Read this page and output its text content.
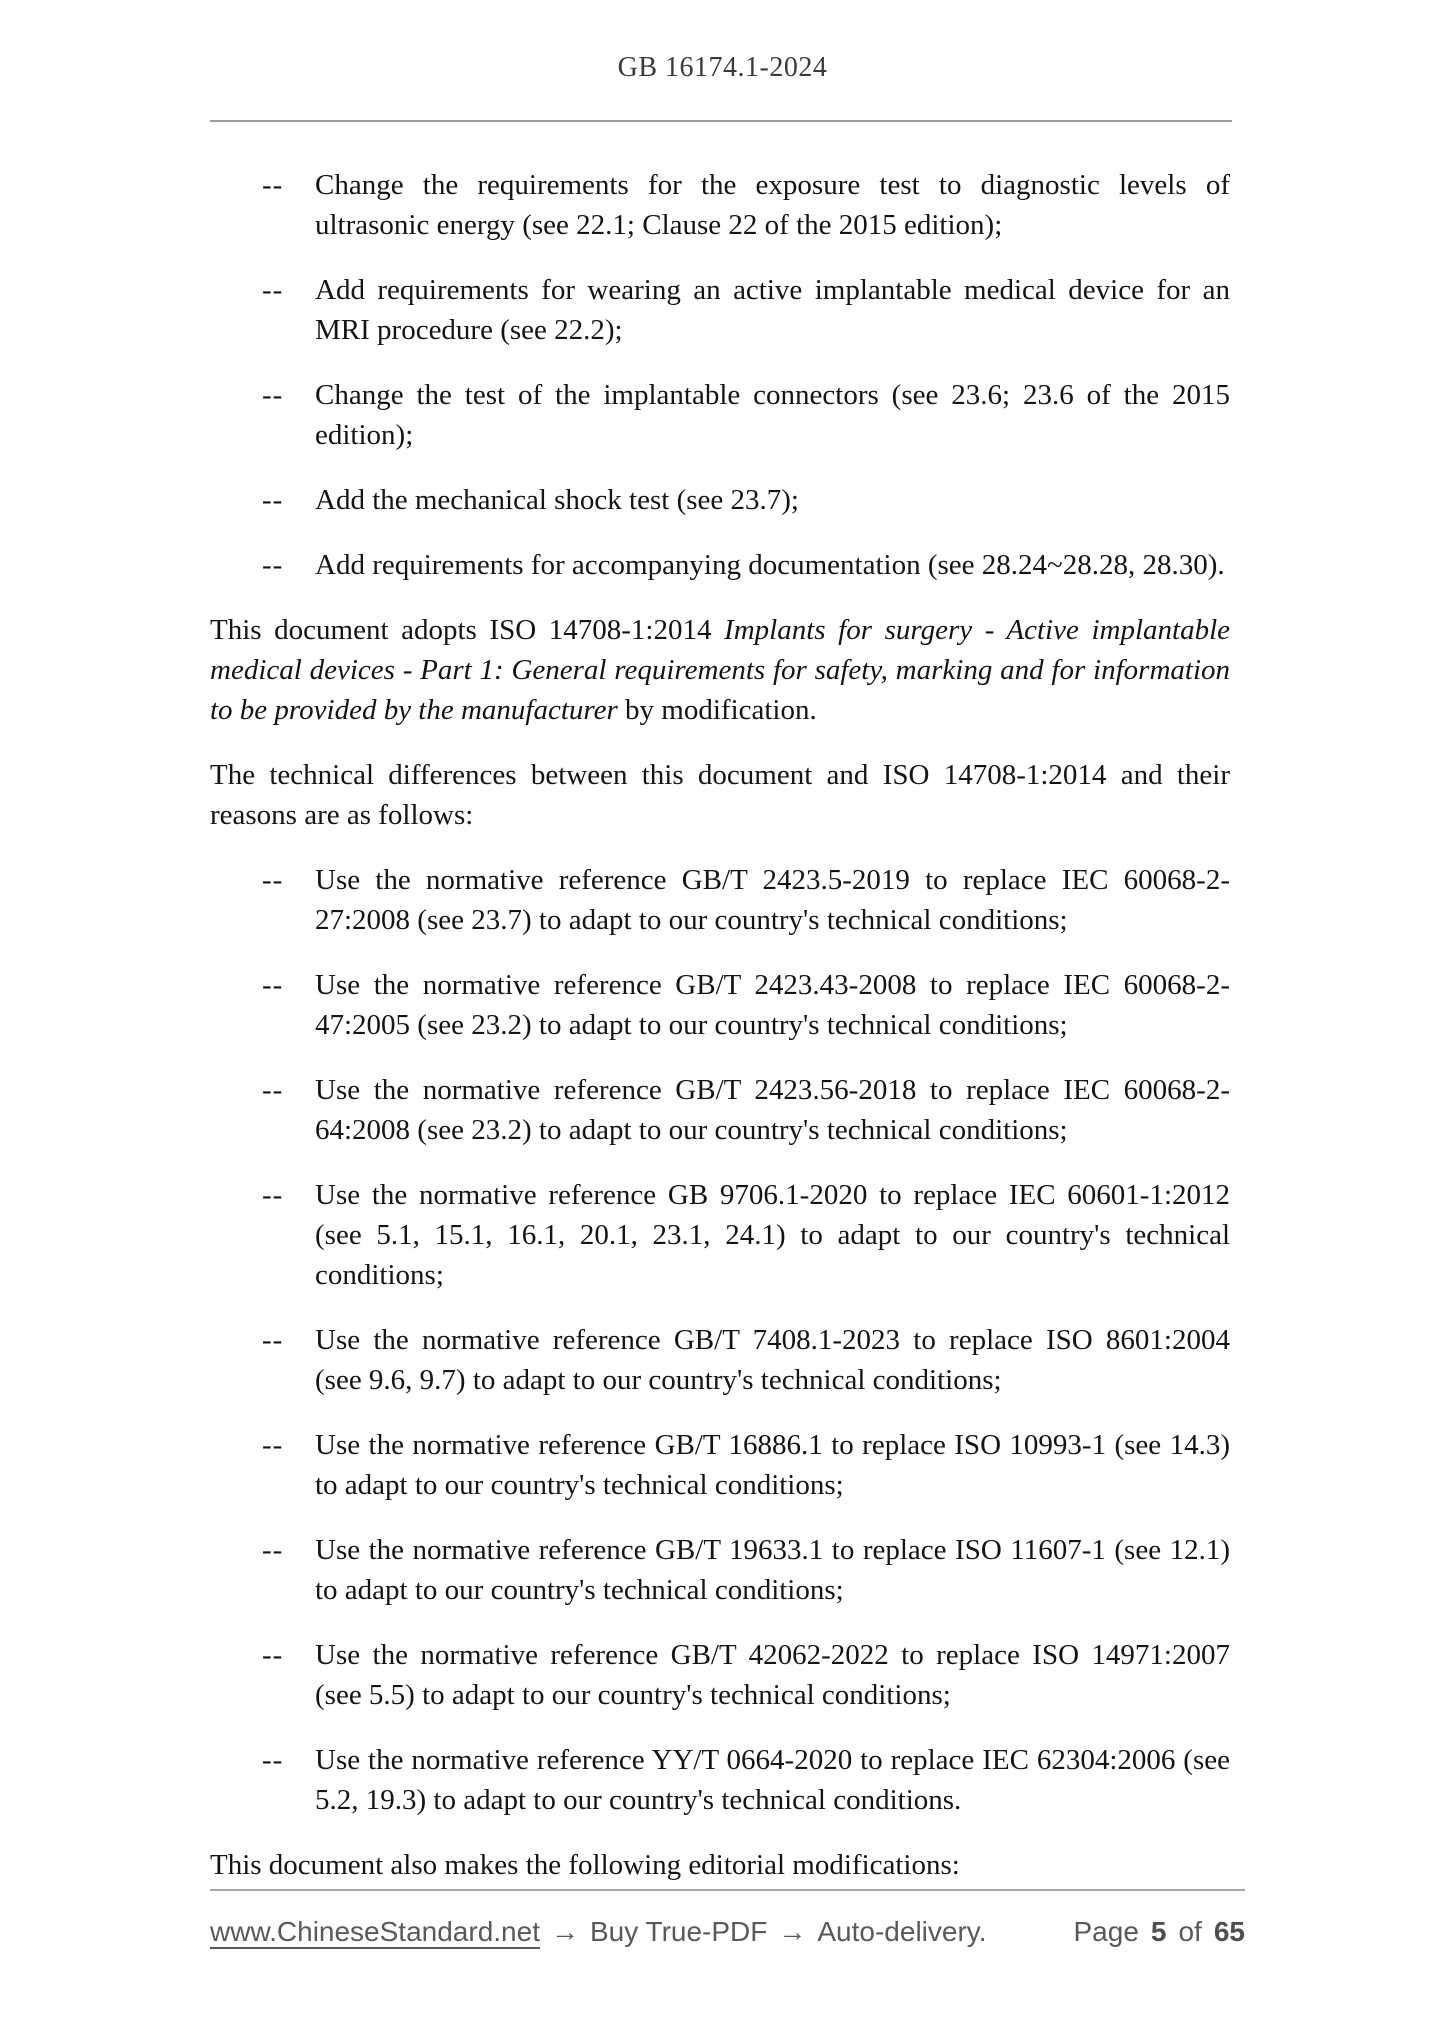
GB 16174.1-2024
-- Change the requirements for the exposure test to diagnostic levels of ultrasonic energy (see 22.1; Clause 22 of the 2015 edition);
-- Add requirements for wearing an active implantable medical device for an MRI procedure (see 22.2);
-- Change the test of the implantable connectors (see 23.6; 23.6 of the 2015 edition);
-- Add the mechanical shock test (see 23.7);
-- Add requirements for accompanying documentation (see 28.24~28.28, 28.30).

This document adopts ISO 14708-1:2014 Implants for surgery - Active implantable medical devices - Part 1: General requirements for safety, marking and for information to be provided by the manufacturer by modification.

The technical differences between this document and ISO 14708-1:2014 and their reasons are as follows:

-- Use the normative reference GB/T 2423.5-2019 to replace IEC 60068-2-27:2008 (see 23.7) to adapt to our country's technical conditions;
-- Use the normative reference GB/T 2423.43-2008 to replace IEC 60068-2-47:2005 (see 23.2) to adapt to our country's technical conditions;
-- Use the normative reference GB/T 2423.56-2018 to replace IEC 60068-2-64:2008 (see 23.2) to adapt to our country's technical conditions;
-- Use the normative reference GB 9706.1-2020 to replace IEC 60601-1:2012 (see 5.1, 15.1, 16.1, 20.1, 23.1, 24.1) to adapt to our country's technical conditions;
-- Use the normative reference GB/T 7408.1-2023 to replace ISO 8601:2004 (see 9.6, 9.7) to adapt to our country's technical conditions;
-- Use the normative reference GB/T 16886.1 to replace ISO 10993-1 (see 14.3) to adapt to our country's technical conditions;
-- Use the normative reference GB/T 19633.1 to replace ISO 11607-1 (see 12.1) to adapt to our country's technical conditions;
-- Use the normative reference GB/T 42062-2022 to replace ISO 14971:2007 (see 5.5) to adapt to our country's technical conditions;
-- Use the normative reference YY/T 0664-2020 to replace IEC 62304:2006 (see 5.2, 19.3) to adapt to our country's technical conditions.

This document also makes the following editorial modifications:

www.ChineseStandard.net → Buy True-PDF → Auto-delivery.	Page 5 of 65
